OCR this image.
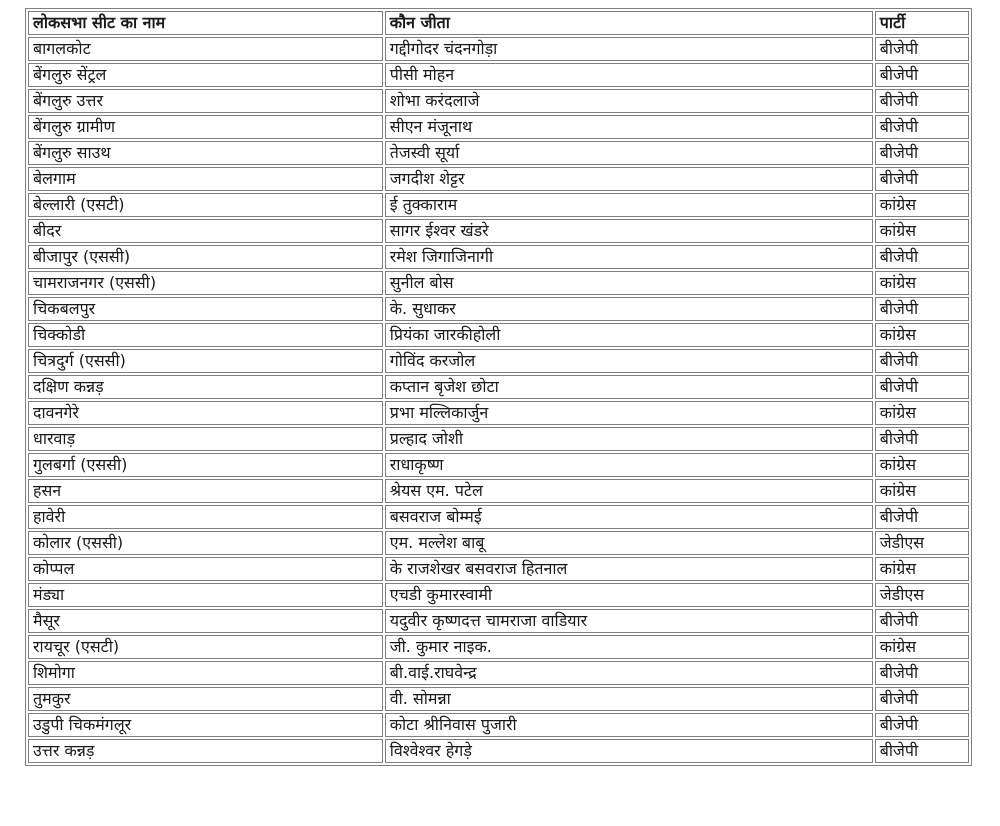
लोकसभा सीट का नाम	कौन जीता	पार्टी
बागलकोट	गद्दीगोदर चंदनगोड़ा	बीजेपी
बेंगलुरु सेंट्रल	पीसी मोहन	बीजेपी
बेंगलुरु उत्तर	शोभा करंदलाजे	बीजेपी
बेंगलुरु ग्रामीण	सीएन मंजूनाथ	बीजेपी
बेंगलुरु साउथ	तेजस्वी सूर्या	बीजेपी
बेलगाम	जगदीश शेट्टर	बीजेपी
बेल्लारी (एसटी)	ई तुक्काराम	कांग्रेस
बीदर	सागर ईश्वर खंडरे	कांग्रेस
बीजापुर (एससी)	रमेश जिगाजिनागी	बीजेपी
चामराजनगर (एससी)	सुनील बोस	कांग्रेस
चिकबलपुर	के. सुधाकर	बीजेपी
चिक्कोडी	प्रियंका जारकीहोली	कांग्रेस
चित्रदुर्ग (एससी)	गोविंद करजोल	बीजेपी
दक्षिण कन्नड़	कप्तान बृजेश छोटा	बीजेपी
दावनगेरे	प्रभा मल्लिकार्जुन	कांग्रेस
धारवाड़	प्रल्हाद जोशी	बीजेपी
गुलबर्गा (एससी)	राधाकृष्ण	कांग्रेस
हसन	श्रेयस एम. पटेल	कांग्रेस
हावेरी	बसवराज बोम्मई	बीजेपी
कोलार (एससी)	एम. मल्लेश बाबू	जेडीएस
कोप्पल	के राजशेखर बसवराज हितनाल	कांग्रेस
मंड्या	एचडी कुमारस्वामी	जेडीएस
मैसूर	यदुवीर कृष्णदत्त चामराजा वाडियार	बीजेपी
रायचूर (एसटी)	जी. कुमार नाइक.	कांग्रेस
शिमोगा	बी.वाई.राघवेन्द्र	बीजेपी
तुमकुर	वी. सोमन्ना	बीजेपी
उडुपी चिकमंगलूर	कोटा श्रीनिवास पुजारी	बीजेपी
उत्तर कन्नड़	विश्वेश्वर हेगड़े	बीजेपी
